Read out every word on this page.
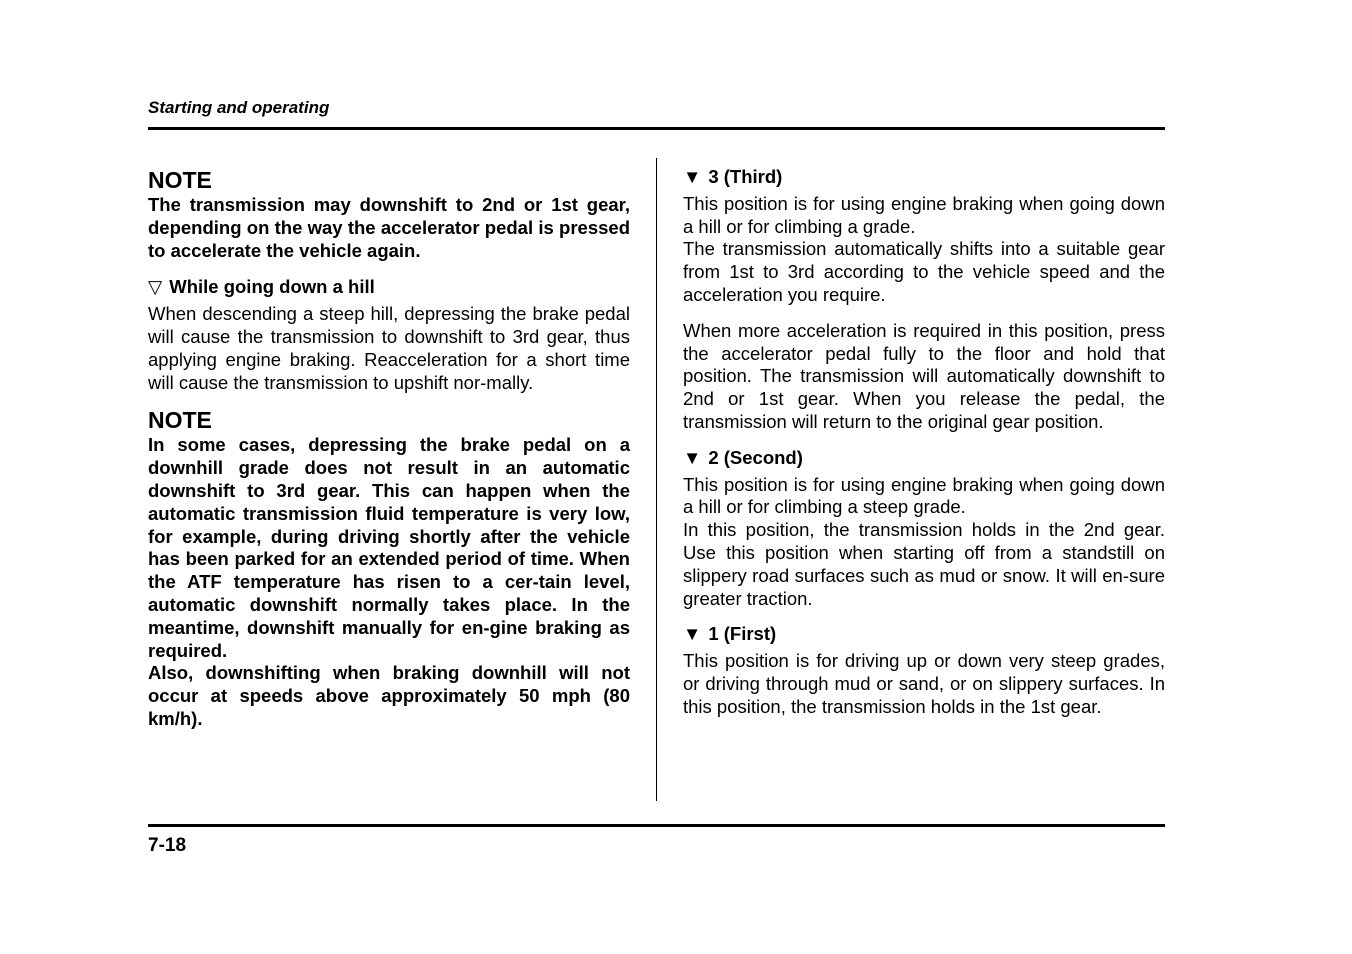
Starting and operating

NOTE

The transmission may downshift to 2nd or 1st gear, depending on the way the accelerator pedal is pressed to accelerate the vehicle again.

▽ While going down a hill

When descending a steep hill, depressing the brake pedal will cause the transmission to downshift to 3rd gear, thus applying engine braking. Reacceleration for a short time will cause the transmission to upshift nor-mally.

NOTE

In some cases, depressing the brake pedal on a downhill grade does not result in an automatic downshift to 3rd gear. This can happen when the automatic transmission fluid temperature is very low, for example, during driving shortly after the vehicle has been parked for an extended period of time. When the ATF temperature has risen to a cer-tain level, automatic downshift normally takes place. In the meantime, downshift manually for en-gine braking as required.

Also, downshifting when braking downhill will not occur at speeds above approximately 50 mph (80 km/h).

▼ 3 (Third)

This position is for using engine braking when going down a hill or for climbing a grade.

The transmission automatically shifts into a suitable gear from 1st to 3rd according to the vehicle speed and the acceleration you require.

When more acceleration is required in this position, press the accelerator pedal fully to the floor and hold that position. The transmission will automatically downshift to 2nd or 1st gear. When you release the pedal, the transmission will return to the original gear position.

▼ 2 (Second)

This position is for using engine braking when going down a hill or for climbing a steep grade.

In this position, the transmission holds in the 2nd gear. Use this position when starting off from a standstill on slippery road surfaces such as mud or snow. It will en-sure greater traction.

▼ 1 (First)

This position is for driving up or down very steep grades, or driving through mud or sand, or on slippery surfaces. In this position, the transmission holds in the 1st gear.

7-18
